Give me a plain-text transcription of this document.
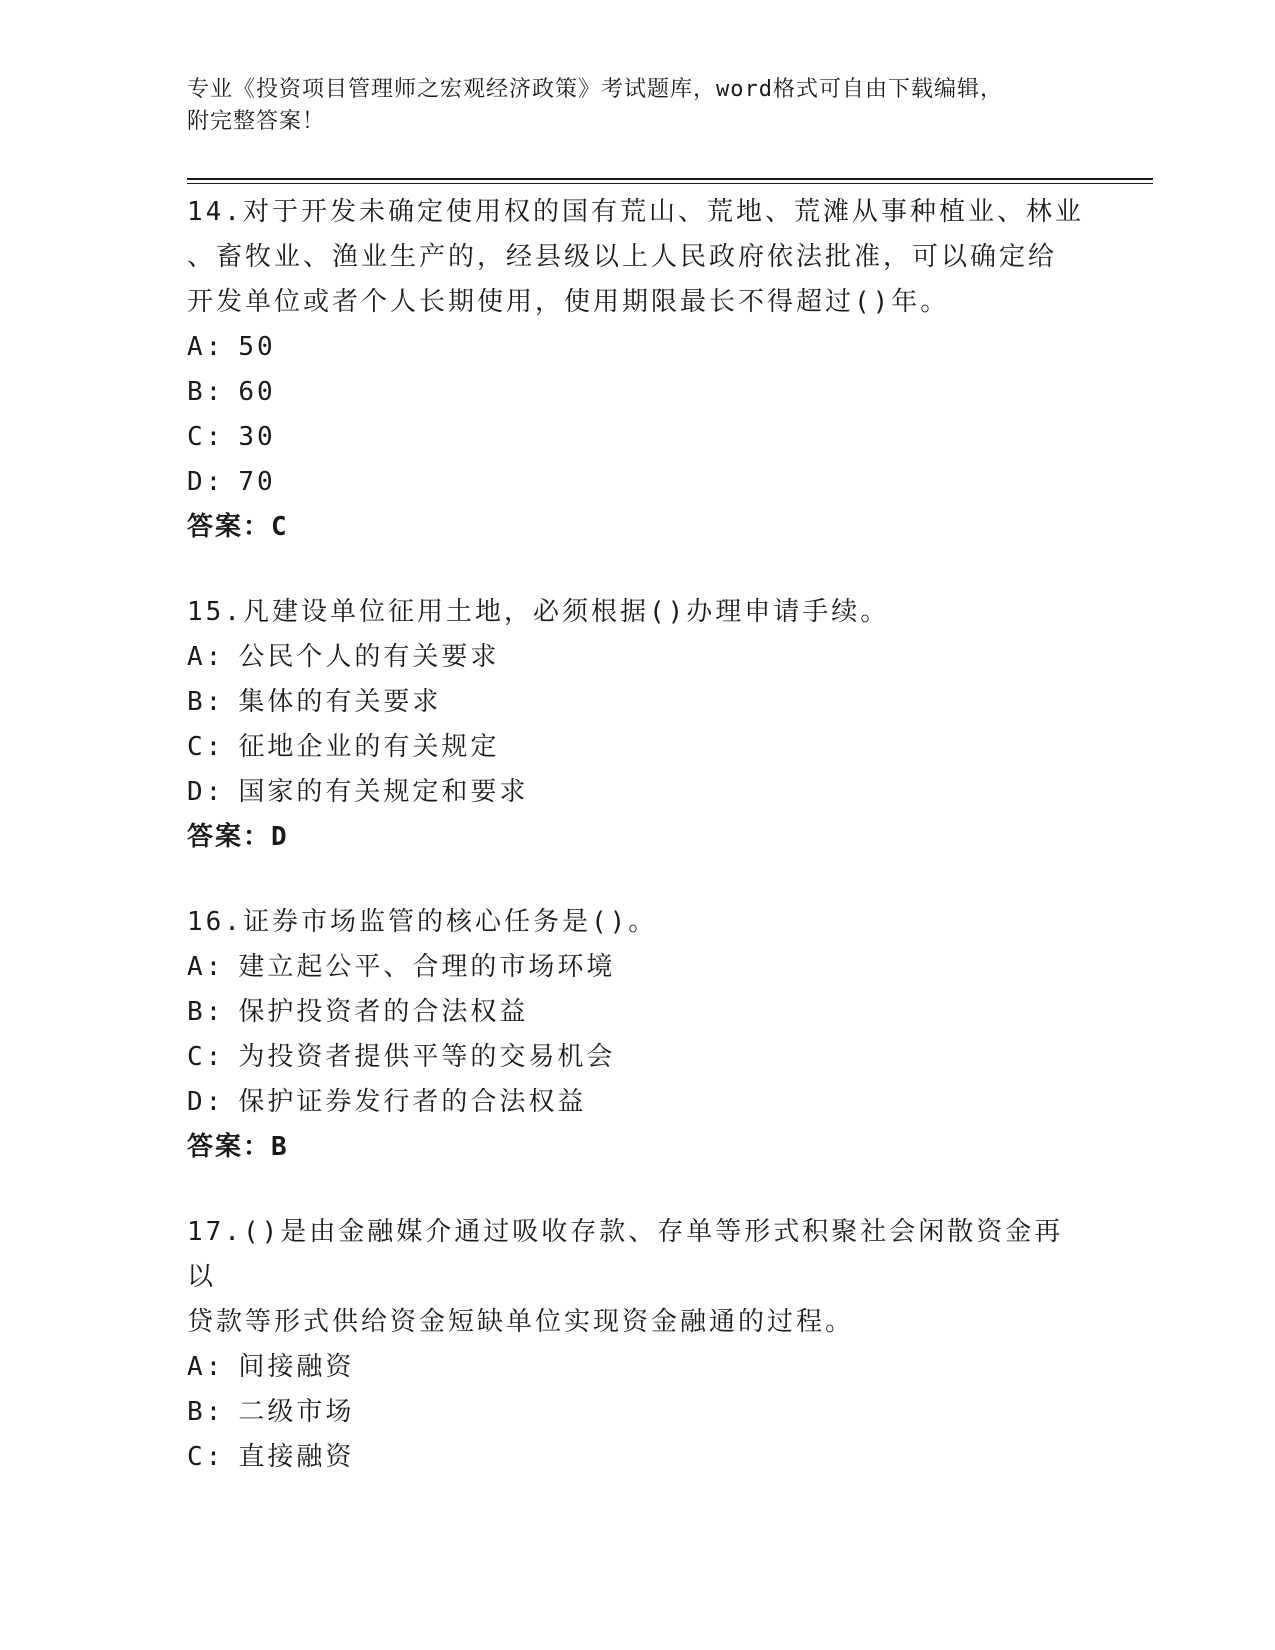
专业《投资项目管理师之宏观经济政策》考试题库，word格式可自由下载编辑，
附完整答案！

14.对于开发未确定使用权的国有荒山、荒地、荒滩从事种植业、林业

、畜牧业、渔业生产的，经县级以上人民政府依法批准，可以确定给

开发单位或者个人长期使用，使用期限最长不得超过()年。

A: 50

B: 60

C: 30

D: 70

答案：C

15.凡建设单位征用土地，必须根据()办理申请手续。

A: 公民个人的有关要求

B: 集体的有关要求

C: 征地企业的有关规定

D: 国家的有关规定和要求

答案：D

16.证券市场监管的核心任务是()。

A: 建立起公平、合理的市场环境

B: 保护投资者的合法权益

C: 为投资者提供平等的交易机会

D: 保护证券发行者的合法权益

答案：B

17.()是由金融媒介通过吸收存款、存单等形式积聚社会闲散资金再以

贷款等形式供给资金短缺单位实现资金融通的过程。

A: 间接融资

B: 二级市场

C: 直接融资
